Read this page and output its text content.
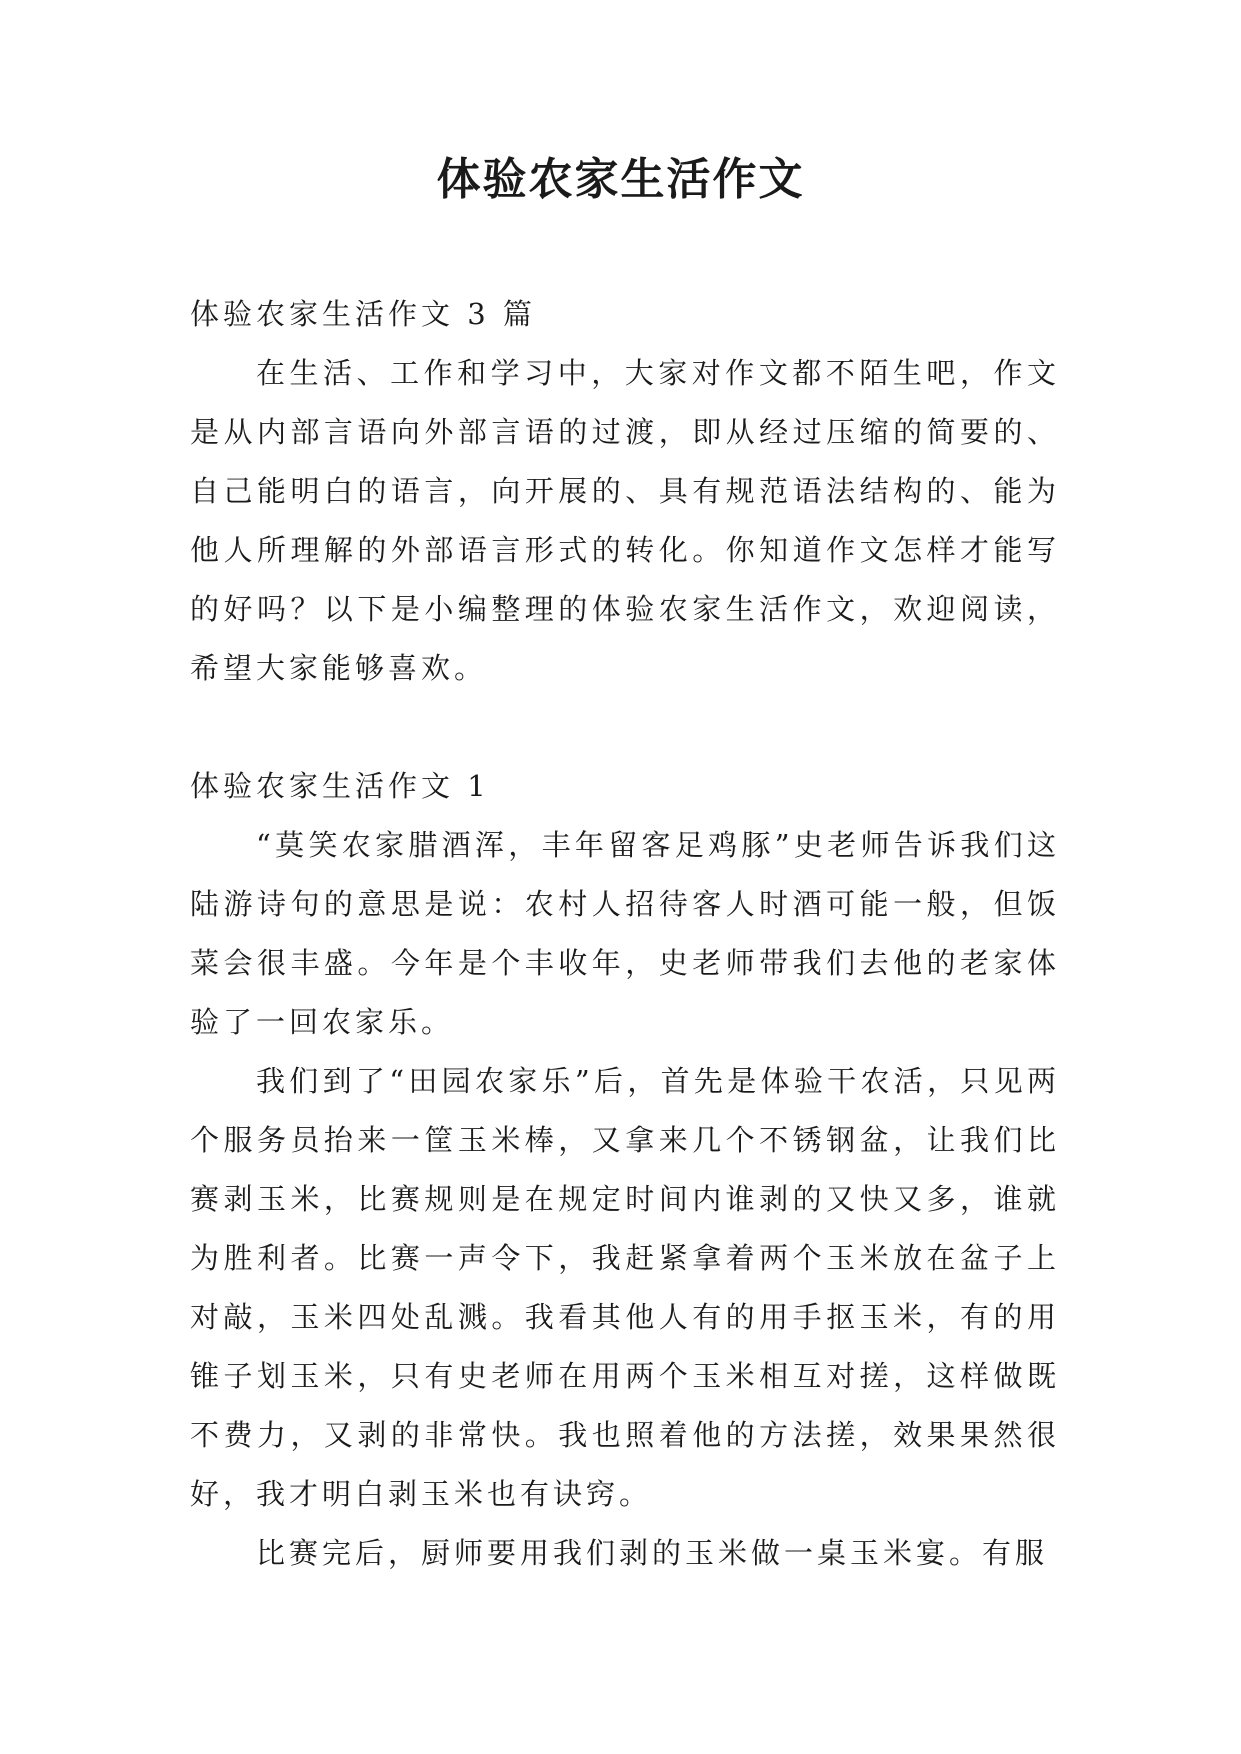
体验农家生活作文

体验农家生活作文 3 篇

在生活、工作和学习中，大家对作文都不陌生吧，作文是从内部言语向外部言语的过渡，即从经过压缩的简要的、自己能明白的语言，向开展的、具有规范语法结构的、能为他人所理解的外部语言形式的转化。你知道作文怎样才能写的好吗？以下是小编整理的体验农家生活作文，欢迎阅读，希望大家能够喜欢。

体验农家生活作文 1

“莫笑农家腊酒浑，丰年留客足鸡豚”史老师告诉我们这陆游诗句的意思是说：农村人招待客人时酒可能一般，但饭菜会很丰盛。今年是个丰收年，史老师带我们去他的老家体验了一回农家乐。

我们到了“田园农家乐”后，首先是体验干农活，只见两个服务员抬来一筐玉米棒，又拿来几个不锈钢盆，让我们比赛剥玉米，比赛规则是在规定时间内谁剥的又快又多，谁就为胜利者。比赛一声令下，我赶紧拿着两个玉米放在盆子上对敲，玉米四处乱溅。我看其他人有的用手抠玉米，有的用锥子划玉米，只有史老师在用两个玉米相互对搓，这样做既不费力，又剥的非常快。我也照着他的方法搓，效果果然很好，我才明白剥玉米也有诀窍。

比赛完后，厨师要用我们剥的玉米做一桌玉米宴。有服
